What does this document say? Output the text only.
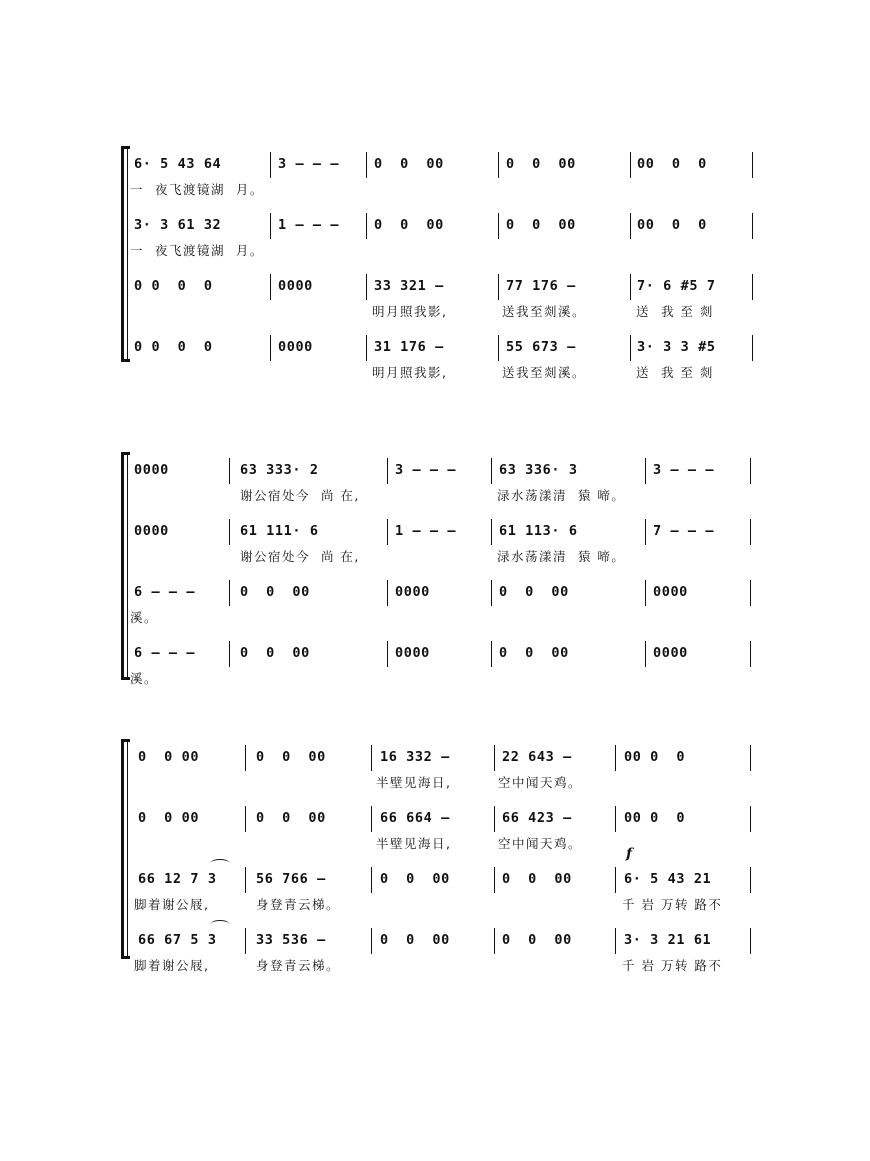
6· 5 43 64	3 – – –	0  0  00	0  0  00	00  0  0
一  夜飞渡镜湖  月。
3· 3 61 32	1 – – –	0  0  00	0  0  00	00  0  0
一  夜飞渡镜湖  月。
0 0  0  0	0000	33 321 –	77 176 –	7· 6 #5 7
明月照我影,	送我至剡溪。	送  我 至 剡
0 0  0  0	0000	31 176 –	55 673 –	3· 3 3 #5
明月照我影,	送我至剡溪。	送  我 至 剡
0000	63 333· 2	3 – – –	63 336· 3	3 – – –
谢公宿处今  尚 在,	渌水荡漾清  猿 啼。
0000	61 111· 6	1 – – –	61 113· 6	7 – – –
谢公宿处今  尚 在,	渌水荡漾清  猿 啼。
6 – – –	0  0  00	0000	0  0  00	0000
溪。
6 – – –	0  0  00	0000	0  0  00	0000
溪。
0  0 00	0  0  00	16 332 –	22 643 –	00 0  0
半壁见海日,	空中闻天鸡。
0  0 00	0  0  00	66 664 –	66 423 –	00 0  0
半壁见海日,	空中闻天鸡。
f
66 12 7 3	56 766 –	0  0  00	0  0  00	6· 5 43 21
脚着谢公屐,	身登青云梯。	千 岩 万转 路不
66 67 5 3	33 536 –	0  0  00	0  0  00	3· 3 21 61
脚着谢公屐,	身登青云梯。	千 岩 万转 路不
